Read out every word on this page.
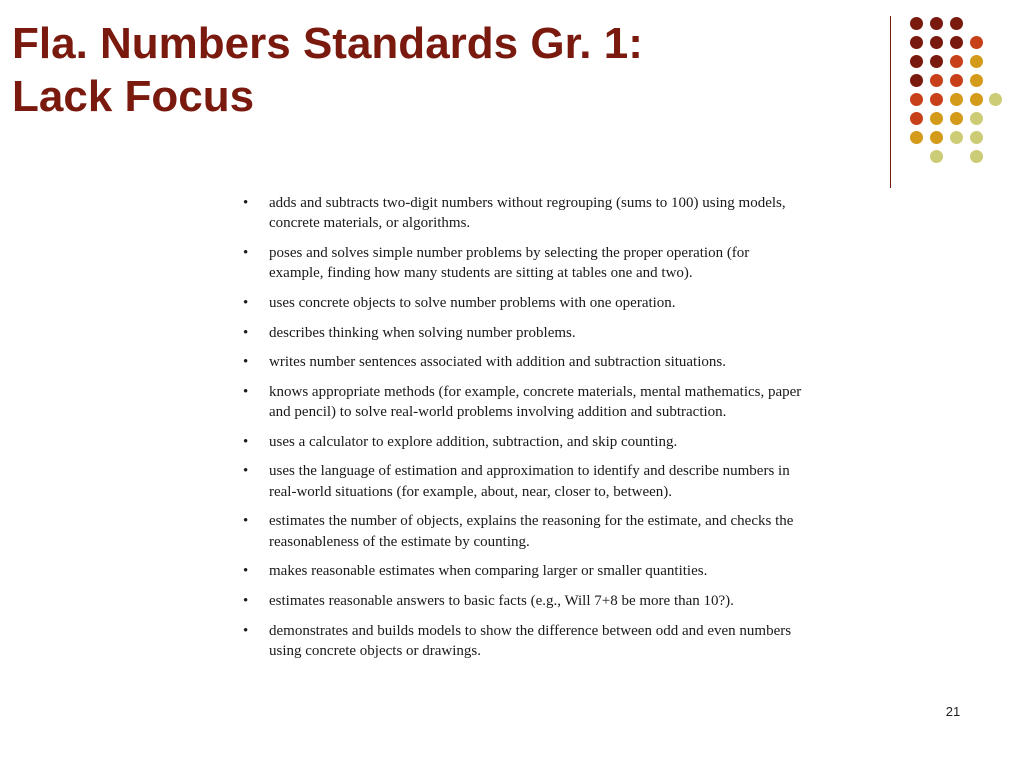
Fla. Numbers Standards Gr. 1:
Lack Focus
• adds and subtracts two-digit numbers without regrouping (sums to 100) using models,
concrete materials, or algorithms.
• poses and solves simple number problems by selecting the proper operation (for
example, finding how many students are sitting at tables one and two).
• uses concrete objects to solve number problems with one operation.
• describes thinking when solving number problems.
• writes number sentences associated with addition and subtraction situations.
• knows appropriate methods (for example, concrete materials, mental mathematics, paper
and pencil) to solve real-world problems involving addition and subtraction.
• uses a calculator to explore addition, subtraction, and skip counting.
• uses the language of estimation and approximation to identify and describe numbers in
real-world situations (for example, about, near, closer to, between).
• estimates the number of objects, explains the reasoning for the estimate, and checks the
reasonableness of the estimate by counting.
• makes reasonable estimates when comparing larger or smaller quantities.
• estimates reasonable answers to basic facts (e.g., Will 7+8 be more than 10?).
• demonstrates and builds models to show the difference between odd and even numbers
using concrete objects or drawings.
21
